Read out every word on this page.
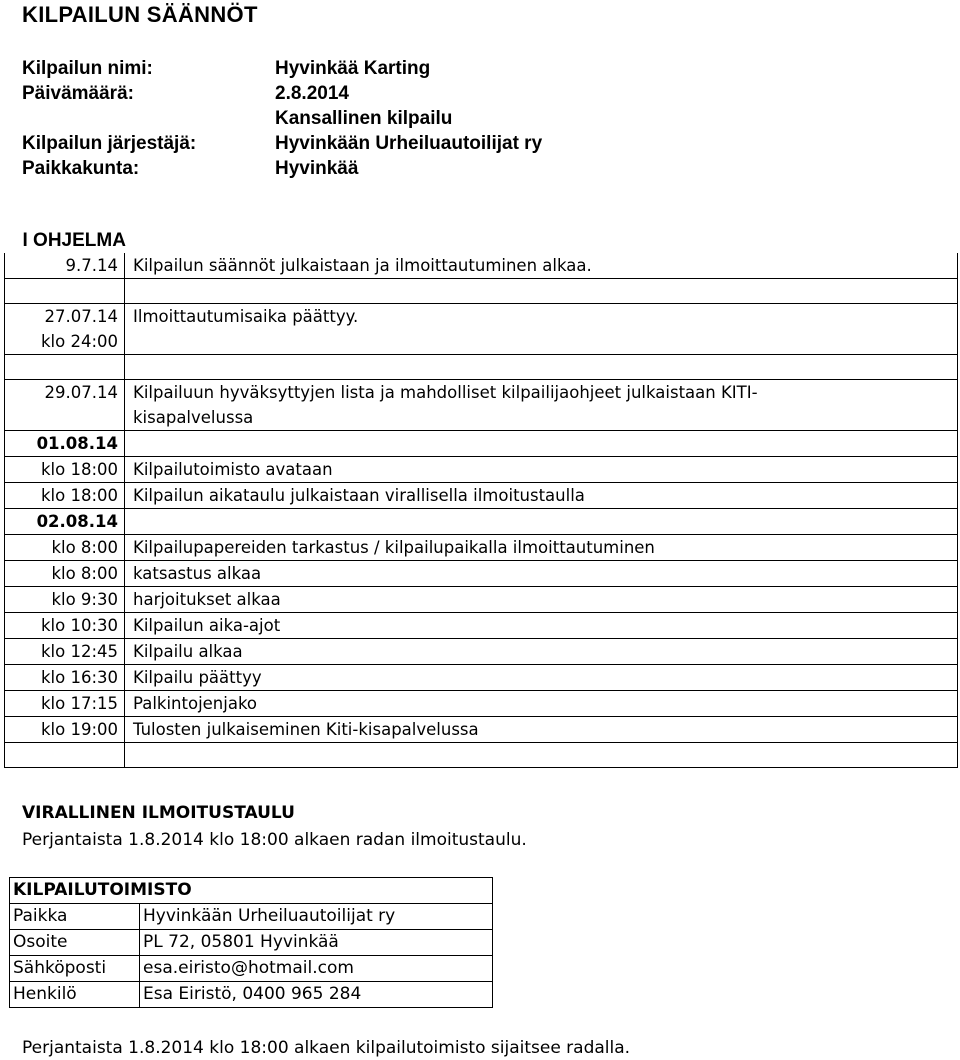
KILPAILUN SÄÄNNÖT
Kilpailun nimi:	Hyvinkää Karting
Päivämäärä:	2.8.2014
Kansallinen kilpailu
Kilpailun järjestäjä:	Hyvinkään Urheiluautoilijat ry
Paikkakunta:	Hyvinkää
I OHJELMA	
9.7.14	Kilpailun säännöt julkaistaan ja ilmoittautuminen alkaa.

27.07.14
klo 24:00	Ilmoittautumisaika päättyy.

29.07.14	Kilpailuun hyväksyttyjen lista ja mahdolliset kilpailijaohjeet julkaistaan KITI-
kisapalvelussa

01.08.14	
klo 18:00	Kilpailutoimisto avataan
klo 18:00	Kilpailun aikataulu julkaistaan virallisella ilmoitustaulla
02.08.14	
klo 8:00	Kilpailupapereiden tarkastus / kilpailupaikalla ilmoittautuminen
klo 8:00	katsastus alkaa
klo 9:30	harjoitukset alkaa
klo 10:30	Kilpailun aika-ajot
klo 12:45	Kilpailu alkaa
klo 16:30	Kilpailu päättyy
klo 17:15	Palkintojenjako
klo 19:00	Tulosten julkaiseminen Kiti-kisapalvelussa

VIRALLINEN ILMOITUSTAULU
Perjantaista 1.8.2014 klo 18:00 alkaen radan ilmoitustaulu.
KILPAILUTOIMISTO	
Paikka	Hyvinkään Urheiluautoilijat ry
Osoite	PL 72, 05801 Hyvinkää
Sähköposti	esa.eiristo@hotmail.com
Henkilö	Esa Eiristö, 0400 965 284
Perjantaista 1.8.2014 klo 18:00 alkaen kilpailutoimisto sijaitsee radalla.
